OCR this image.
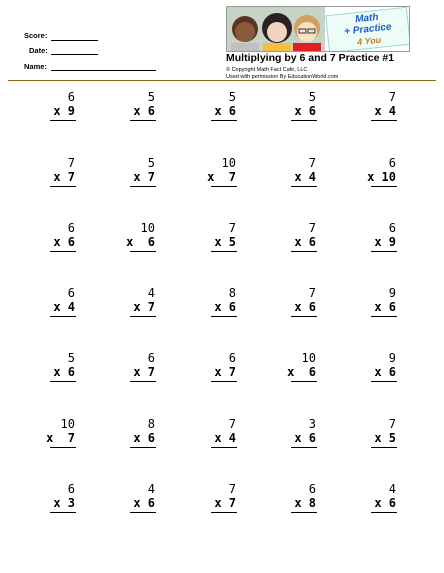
Score:
Date:
Name:
Math
+ Practice
4 You
Multiplying by 6 and 7 Practice #1
© Copyright Math Fact Cafe, LLC
Used with permission By EducationWorld.com
6
x 9
5
x 6
5
x 6
5
x 6
7
x 4
7
x 7
5
x 7
10
x  7
7
x 4
6
x 10
6
x 6
10
x  6
7
x 5
7
x 6
6
x 9
6
x 4
4
x 7
8
x 6
7
x 6
9
x 6
5
x 6
6
x 7
6
x 7
10
x  6
9
x 6
10
x  7
8
x 6
7
x 4
3
x 6
7
x 5
6
x 3
4
x 6
7
x 7
6
x 8
4
x 6
